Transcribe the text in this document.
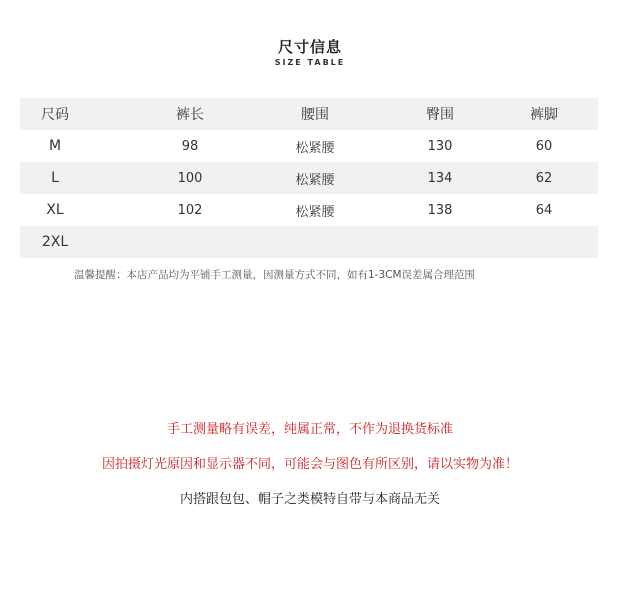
尺寸信息
SIZE TABLE
尺码	裤长	腰围	臀围	裤脚
M	98	松紧腰	130	60
L	100	松紧腰	134	62
XL	102	松紧腰	138	64
2XL
温馨提醒：本店产品均为平铺手工测量，因测量方式不同，如有1-3CM误差属合理范围
手工测量略有误差，纯属正常，不作为退换货标准
因拍摄灯光原因和显示器不同，可能会与图色有所区别，请以实物为准！
内搭跟包包、帽子之类模特自带与本商品无关
